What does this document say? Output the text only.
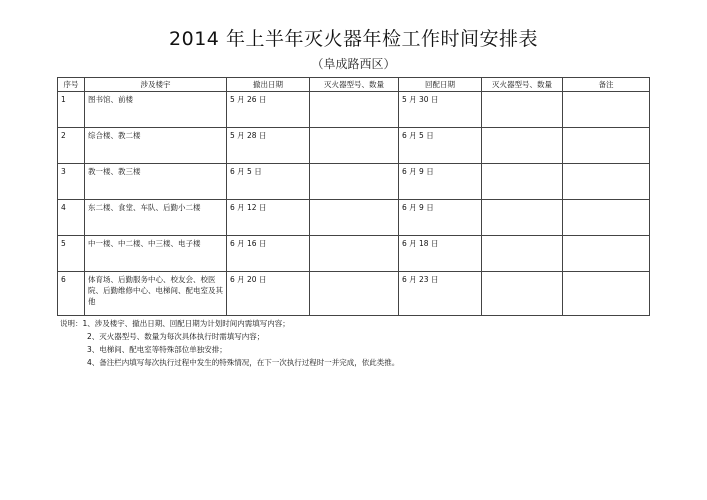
2014 年上半年灭火器年检工作时间安排表
（阜成路西区）
序号	涉及楼宇	撤出日期	灭火器型号、数量	回配日期	灭火器型号、数量	备注
1	图书馆、前楼	5 月 26 日		5 月 30 日		
2	综合楼、教二楼	5 月 28 日		6 月 5 日		
3	教一楼、教三楼	6 月 5 日		6 月 9 日		
4	东二楼、食堂、车队、后勤小二楼	6 月 12 日		6 月 9 日		
5	中一楼、中二楼、中三楼、电子楼	6 月 16 日		6 月 18 日		
6	体育场、后勤服务中心、校友会、校医院、后勤维修中心、电梯间、配电室及其他	6 月 20 日		6 月 23 日		
说明：1、涉及楼宇、撤出日期、回配日期为计划时间内需填写内容；
2、灭火器型号、数量为每次具体执行时需填写内容；
3、电梯间、配电室等特殊部位单独安排；
4、备注栏内填写每次执行过程中发生的特殊情况，在下一次执行过程时一并完成，依此类推。
